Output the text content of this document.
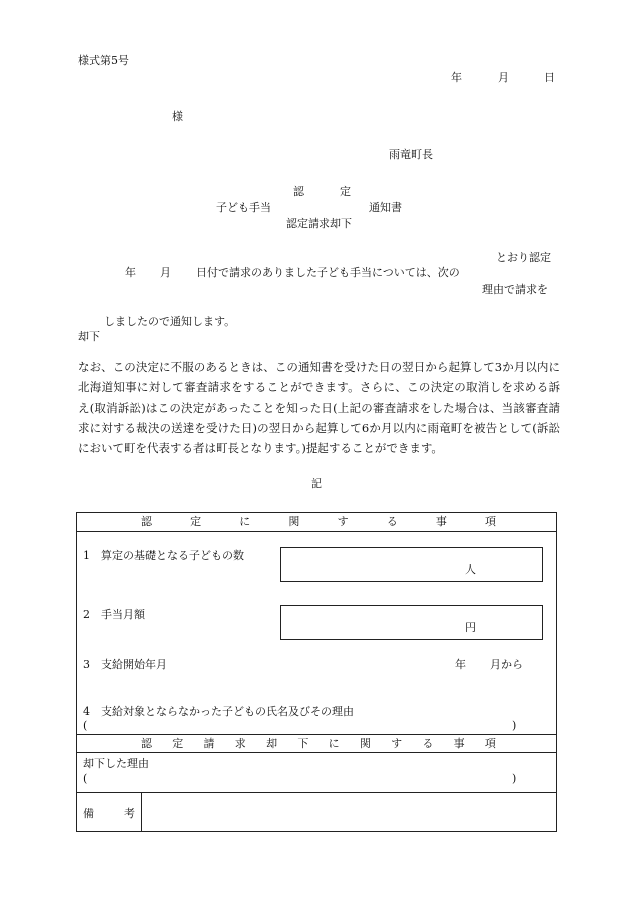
様式第5号
年	月	日
様
雨竜町長
認	定
子ども手当	通知書
認定請求却下
とおり認定
年 月 日付で請求のありました子ども手当については、次の
理由で請求を
しましたので通知します。
却下
なお、この決定に不服のあるときは、この通知書を受けた日の翌日から起算して3か月以内に北海道知事に対して審査請求をすることができます。さらに、この決定の取消しを求める訴え(取消訴訟)はこの決定があったことを知った日(上記の審査請求をした場合は、当該審査請求に対する裁決の送達を受けた日)の翌日から起算して6か月以内に雨竜町を被告として(訴訟において町を代表する者は町長となります。)提起することができます。
記
認	定	に	関	す	る	事	項
1　算定の基礎となる子どもの数
人
2　手当月額
円
3　支給開始年月	年 月から
4　支給対象とならなかった子どもの氏名及びその理由
(	)
認 定 請 求 却 下 に 関 す る 事 項
却下した理由
(	)
備	考
